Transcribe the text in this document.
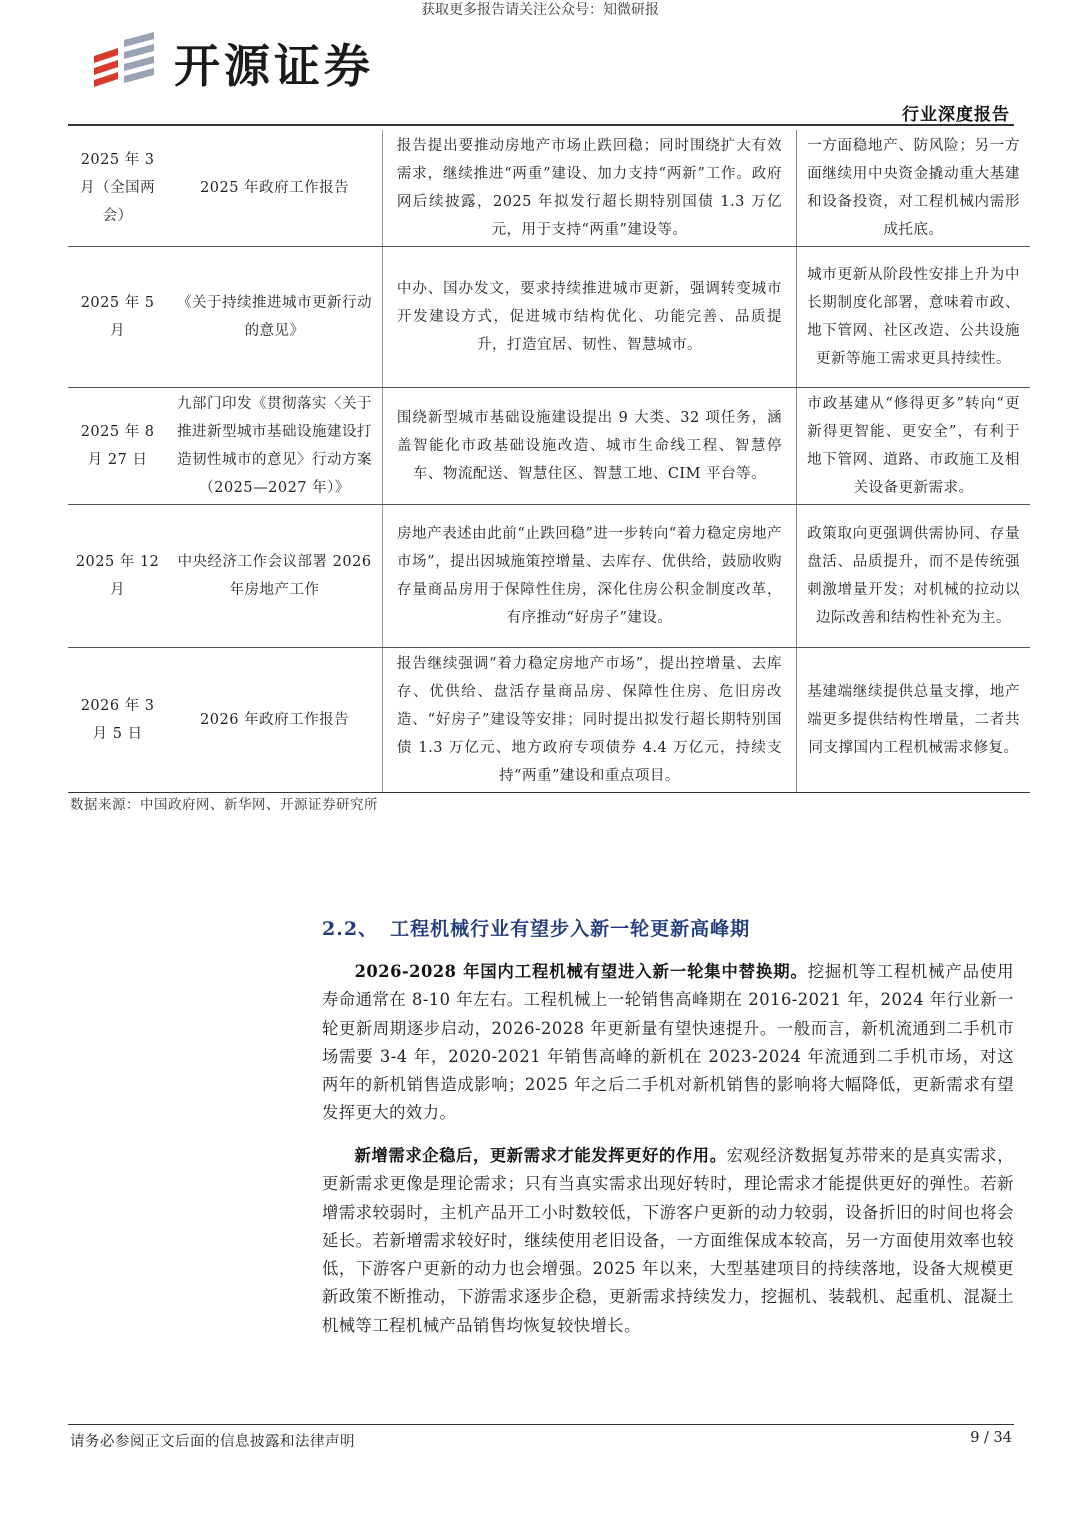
获取更多报告请关注公众号：知微研报
开源证券
行业深度报告
2025 年 3 月（全国两会）	2025 年政府工作报告	报告提出要推动房地产市场止跌回稳；同时围绕扩大有效需求，继续推进“两重”建设、加力支持“两新”工作。政府网后续披露，2025 年拟发行超长期特别国债 1.3 万亿元，用于支持“两重”建设等。	一方面稳地产、防风险；另一方面继续用中央资金撬动重大基建和设备投资，对工程机械内需形成托底。
2025 年 5 月	《关于持续推进城市更新行动的意见》	中办、国办发文，要求持续推进城市更新，强调转变城市开发建设方式，促进城市结构优化、功能完善、品质提升，打造宜居、韧性、智慧城市。	城市更新从阶段性安排上升为中长期制度化部署，意味着市政、地下管网、社区改造、公共设施更新等施工需求更具持续性。
2025 年 8 月 27 日	九部门印发《贯彻落实〈关于推进新型城市基础设施建设打造韧性城市的意见〉行动方案（2025—2027 年）》	围绕新型城市基础设施建设提出 9 大类、32 项任务，涵盖智能化市政基础设施改造、城市生命线工程、智慧停车、物流配送、智慧住区、智慧工地、CIM 平台等。	市政基建从“修得更多”转向“更新得更智能、更安全”，有利于地下管网、道路、市政施工及相关设备更新需求。
2025 年 12 月	中央经济工作会议部署 2026 年房地产工作	房地产表述由此前“止跌回稳”进一步转向“着力稳定房地产市场”，提出因城施策控增量、去库存、优供给，鼓励收购存量商品房用于保障性住房，深化住房公积金制度改革，有序推动“好房子”建设。	政策取向更强调供需协同、存量盘活、品质提升，而不是传统强刺激增量开发；对机械的拉动以边际改善和结构性补充为主。
2026 年 3 月 5 日	2026 年政府工作报告	报告继续强调“着力稳定房地产市场”，提出控增量、去库存、优供给、盘活存量商品房、保障性住房、危旧房改造、“好房子”建设等安排；同时提出拟发行超长期特别国债 1.3 万亿元、地方政府专项债券 4.4 万亿元，持续支持“两重”建设和重点项目。	基建端继续提供总量支撑，地产端更多提供结构性增量，二者共同支撑国内工程机械需求修复。
数据来源：中国政府网、新华网、开源证券研究所
2.2、 工程机械行业有望步入新一轮更新高峰期

2026-2028 年国内工程机械有望进入新一轮集中替换期。挖掘机等工程机械产品使用寿命通常在 8-10 年左右。工程机械上一轮销售高峰期在 2016-2021 年，2024 年行业新一轮更新周期逐步启动，2026-2028 年更新量有望快速提升。一般而言，新机流通到二手机市场需要 3-4 年，2020-2021 年销售高峰的新机在 2023-2024 年流通到二手机市场，对这两年的新机销售造成影响；2025 年之后二手机对新机销售的影响将大幅降低，更新需求有望发挥更大的效力。

新增需求企稳后，更新需求才能发挥更好的作用。宏观经济数据复苏带来的是真实需求，更新需求更像是理论需求；只有当真实需求出现好转时，理论需求才能提供更好的弹性。若新增需求较弱时，主机产品开工小时数较低，下游客户更新的动力较弱，设备折旧的时间也将会延长。若新增需求较好时，继续使用老旧设备，一方面维保成本较高，另一方面使用效率也较低，下游客户更新的动力也会增强。2025 年以来，大型基建项目的持续落地，设备大规模更新政策不断推动，下游需求逐步企稳，更新需求持续发力，挖掘机、装载机、起重机、混凝土机械等工程机械产品销售均恢复较快增长。

请务必参阅正文后面的信息披露和法律声明	9 / 34
